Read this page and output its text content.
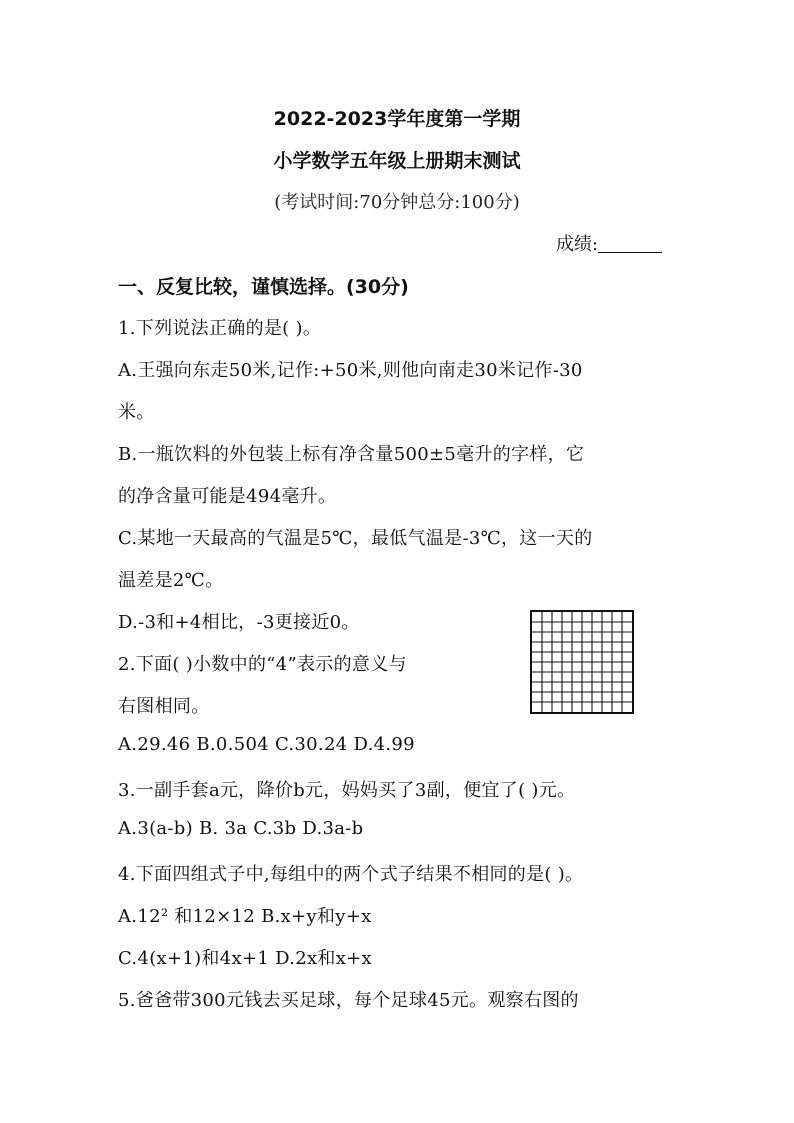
2022-2023学年度第一学期
小学数学五年级上册期末测试
(考试时间:70分钟总分:100分)
成绩:
一、反复比较，谨慎选择。(30分)
1.下列说法正确的是( )。
A.王强向东走50米,记作:+50米,则他向南走30米记作-30
米。
B.一瓶饮料的外包装上标有净含量500±5毫升的字样，它
的净含量可能是494毫升。
C.某地一天最高的气温是5℃，最低气温是-3℃，这一天的
温差是2℃。
D.-3和+4相比，-3更接近0。
2.下面( )小数中的“4”表示的意义与
右图相同。
A.29.46 B.0.504 C.30.24 D.4.99
3.一副手套a元，降价b元，妈妈买了3副，便宜了( )元。
A.3(a-b) B. 3a C.3b D.3a-b
4.下面四组式子中,每组中的两个式子结果不相同的是( )。
A.12² 和12×12 B.x+y和y+x
C.4(x+1)和4x+1 D.2x和x+x
5.爸爸带300元钱去买足球，每个足球45元。观察右图的
